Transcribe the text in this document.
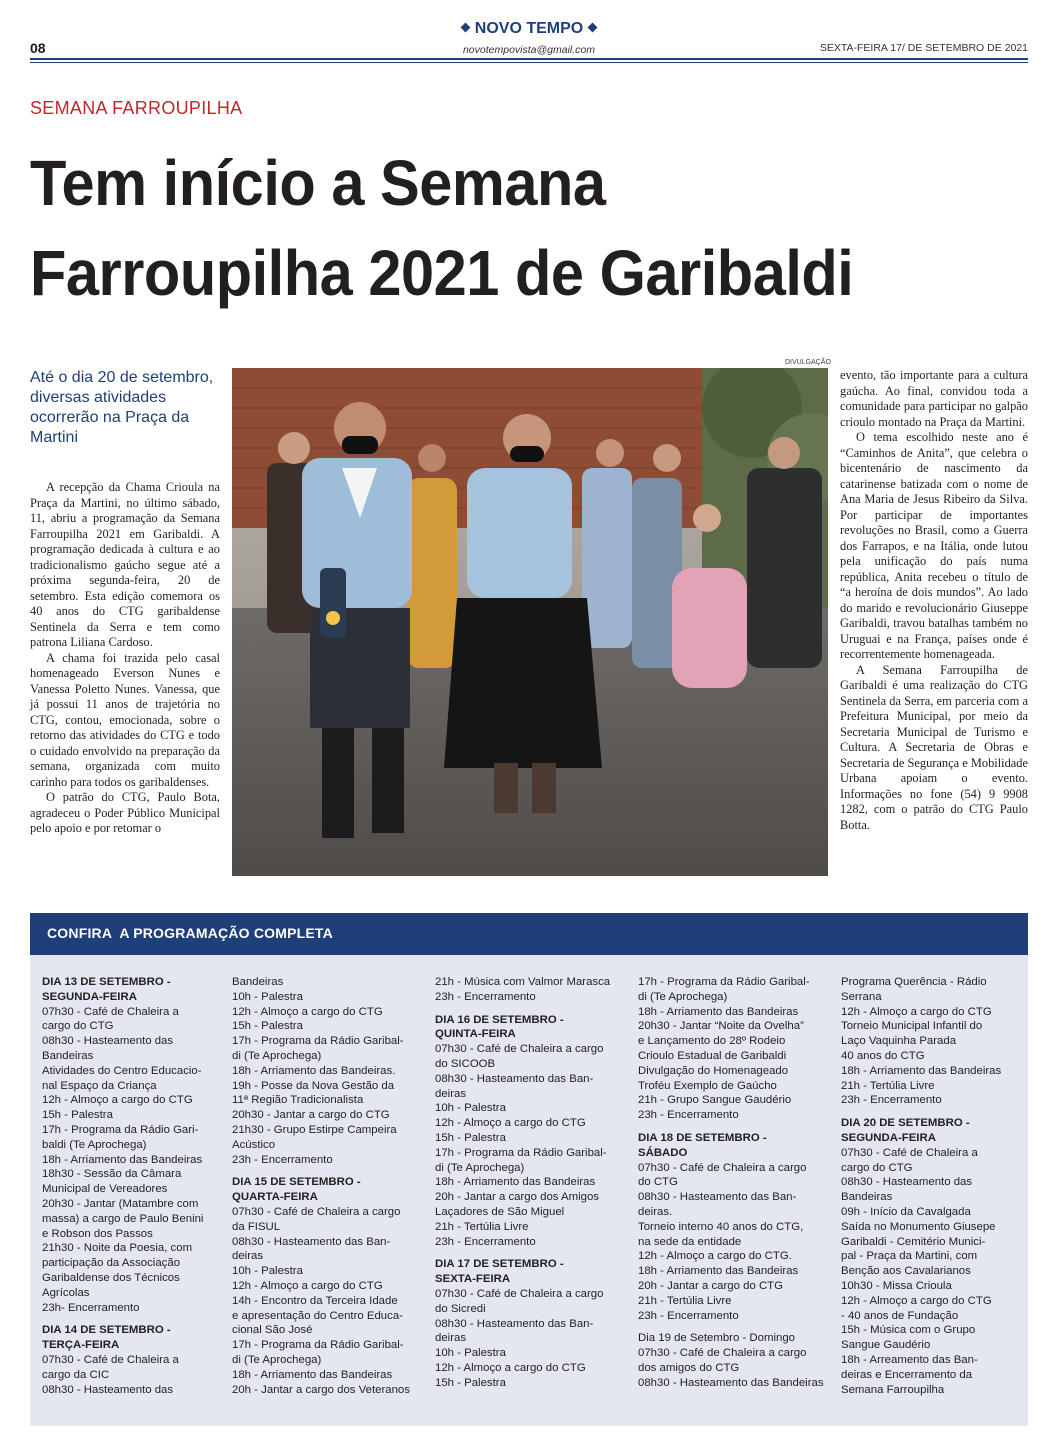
08
NOVO TEMPO
novotempovista@gmail.com	SEXTA-FEIRA 17/ DE SETEMBRO DE 2021
SEMANA FARROUPILHA
Tem início a Semana
Farroupilha 2021 de Garibaldi
Até o dia 20 de setembro, diversas atividades ocorrerão na Praça da Martini

A recepção da Chama Crioula na Praça da Martini, no último sábado, 11, abriu a programação da Semana Farroupilha 2021 em Garibaldi. A programação dedicada à cultura e ao tradicionalismo gaúcho segue até a próxima segunda-feira, 20 de setembro. Esta edição comemora os 40 anos do CTG garibaldense Sentinela da Serra e tem como patrona Liliana Cardoso.

A chama foi trazida pelo casal homenageado Everson Nunes e Vanessa Poletto Nunes. Vanessa, que já possui 11 anos de trajetória no CTG, contou, emocionada, sobre o retorno das atividades do CTG e todo o cuidado envolvido na preparação da semana, organizada com muito carinho para todos os garibaldenses.

O patrão do CTG, Paulo Bota, agradeceu o Poder Público Municipal pelo apoio e por retomar o

DIVULGAÇÃO

evento, tão importante para a cultura gaúcha. Ao final, convidou toda a comunidade para participar no galpão crioulo montado na Praça da Martini.

O tema escolhido neste ano é “Caminhos de Anita”, que celebra o bicentenário de nascimento da catarinense batizada com o nome de Ana Maria de Jesus Ribeiro da Silva. Por participar de importantes revoluções no Brasil, como a Guerra dos Farrapos, e na Itália, onde lutou pela unificação do país numa república, Anita recebeu o título de “a heroína de dois mundos”. Ao lado do marido e revolucionário Giuseppe Garibaldi, travou batalhas também no Uruguai e na França, países onde é recorrentemente homenageada.

A Semana Farroupilha de Garibaldi é uma realização do CTG Sentinela da Serra, em parceria com a Prefeitura Municipal, por meio da Secretaria Municipal de Turismo e Cultura. A Secretaria de Obras e Secretaria de Segurança e Mobilidade Urbana apoiam o evento. Informações no fone (54) 9 9908 1282, com o patrão do CTG Paulo Botta.

CONFIRA  A PROGRAMAÇÃO COMPLETA
DIA 13 DE SETEMBRO -
SEGUNDA-FEIRA
07h30 - Café de Chaleira a
cargo do CTG
08h30 - Hasteamento das
Bandeiras
Atividades do Centro Educacio-
nal Espaço da Criança
12h - Almoço a cargo do CTG
15h - Palestra
17h - Programa da Rádio Gari-
baldi (Te Aprochega)
18h - Arriamento das Bandeiras
18h30 - Sessão da Câmara
Municipal de Vereadores
20h30 - Jantar (Matambre com
massa) a cargo de Paulo Benini
e Robson dos Passos
21h30 - Noite da Poesia, com
participação da Associação
Garibaldense dos Técnicos
Agrícolas
23h- Encerramento
DIA 14 DE SETEMBRO -
TERÇA-FEIRA
07h30 - Café de Chaleira a
cargo da CIC
08h30 - Hasteamento das
Bandeiras
10h - Palestra
12h - Almoço a cargo do CTG
15h - Palestra
17h - Programa da Rádio Garibal-
di (Te Aprochega)
18h - Arriamento das Bandeiras.
19h - Posse da Nova Gestão da
11ª Região Tradicionalista
20h30 - Jantar a cargo do CTG
21h30 - Grupo Estirpe Campeira
Acústico
23h - Encerramento
DIA 15 DE SETEMBRO -
QUARTA-FEIRA
07h30 - Café de Chaleira a cargo
da FISUL
08h30 - Hasteamento das Ban-
deiras
10h - Palestra
12h - Almoço a cargo do CTG
14h - Encontro da Terceira Idade
e apresentação do Centro Educa-
cional São José
17h - Programa da Rádio Garibal-
di (Te Aprochega)
18h - Arriamento das Bandeiras
20h - Jantar a cargo dos Veteranos
21h - Música com Valmor Marasca
23h - Encerramento
DIA 16 DE SETEMBRO -
QUINTA-FEIRA
07h30 - Café de Chaleira a cargo
do SICOOB
08h30 - Hasteamento das Ban-
deiras
10h - Palestra
12h - Almoço a cargo do CTG
15h - Palestra
17h - Programa da Rádio Garibal-
di (Te Aprochega)
18h - Arriamento das Bandeiras
20h - Jantar a cargo dos Amigos
Laçadores de São Miguel
21h - Tertúlia Livre
23h - Encerramento
DIA 17 DE SETEMBRO -
SEXTA-FEIRA
07h30 - Café de Chaleira a cargo
do Sicredi
08h30 - Hasteamento das Ban-
deiras
10h - Palestra
12h - Almoço a cargo do CTG
15h - Palestra
17h - Programa da Rádio Garibal-
di (Te Aprochega)
18h - Arriamento das Bandeiras
20h30 - Jantar “Noite da Ovelha”
e Lançamento do 28º Rodeio
Crioulo Estadual de Garibaldi
Divulgação do Homenageado
Troféu Exemplo de Gaúcho
21h - Grupo Sangue Gaudério
23h - Encerramento
DIA 18 DE SETEMBRO -
SÁBADO
07h30 - Café de Chaleira a cargo
do CTG
08h30 - Hasteamento das Ban-
deiras.
Torneio interno 40 anos do CTG,
na sede da entidade
12h - Almoço a cargo do CTG.
18h - Arriamento das Bandeiras
20h - Jantar a cargo do CTG
21h - Tertúlia Livre
23h - Encerramento
Dia 19 de Setembro - Domingo
07h30 - Café de Chaleira a cargo
dos amigos do CTG
08h30 - Hasteamento das Bandeiras
Programa Querência - Rádio
Serrana
12h - Almoço a cargo do CTG
Torneio Municipal Infantil do
Laço Vaquinha Parada
40 anos do CTG
18h - Arriamento das Bandeiras
21h - Tertúlia Livre
23h - Encerramento
DIA 20 DE SETEMBRO -
SEGUNDA-FEIRA
07h30 - Café de Chaleira a
cargo do CTG
08h30 - Hasteamento das
Bandeiras
09h - Início da Cavalgada
Saída no Monumento Giusepe
Garibaldi - Cemitério Munici-
pal - Praça da Martini, com
Benção aos Cavalarianos
10h30 - Missa Crioula
12h - Almoço a cargo do CTG
- 40 anos de Fundação
15h - Música com o Grupo
Sangue Gaudério
18h - Arreamento das Ban-
deiras e Encerramento da
Semana Farroupilha
